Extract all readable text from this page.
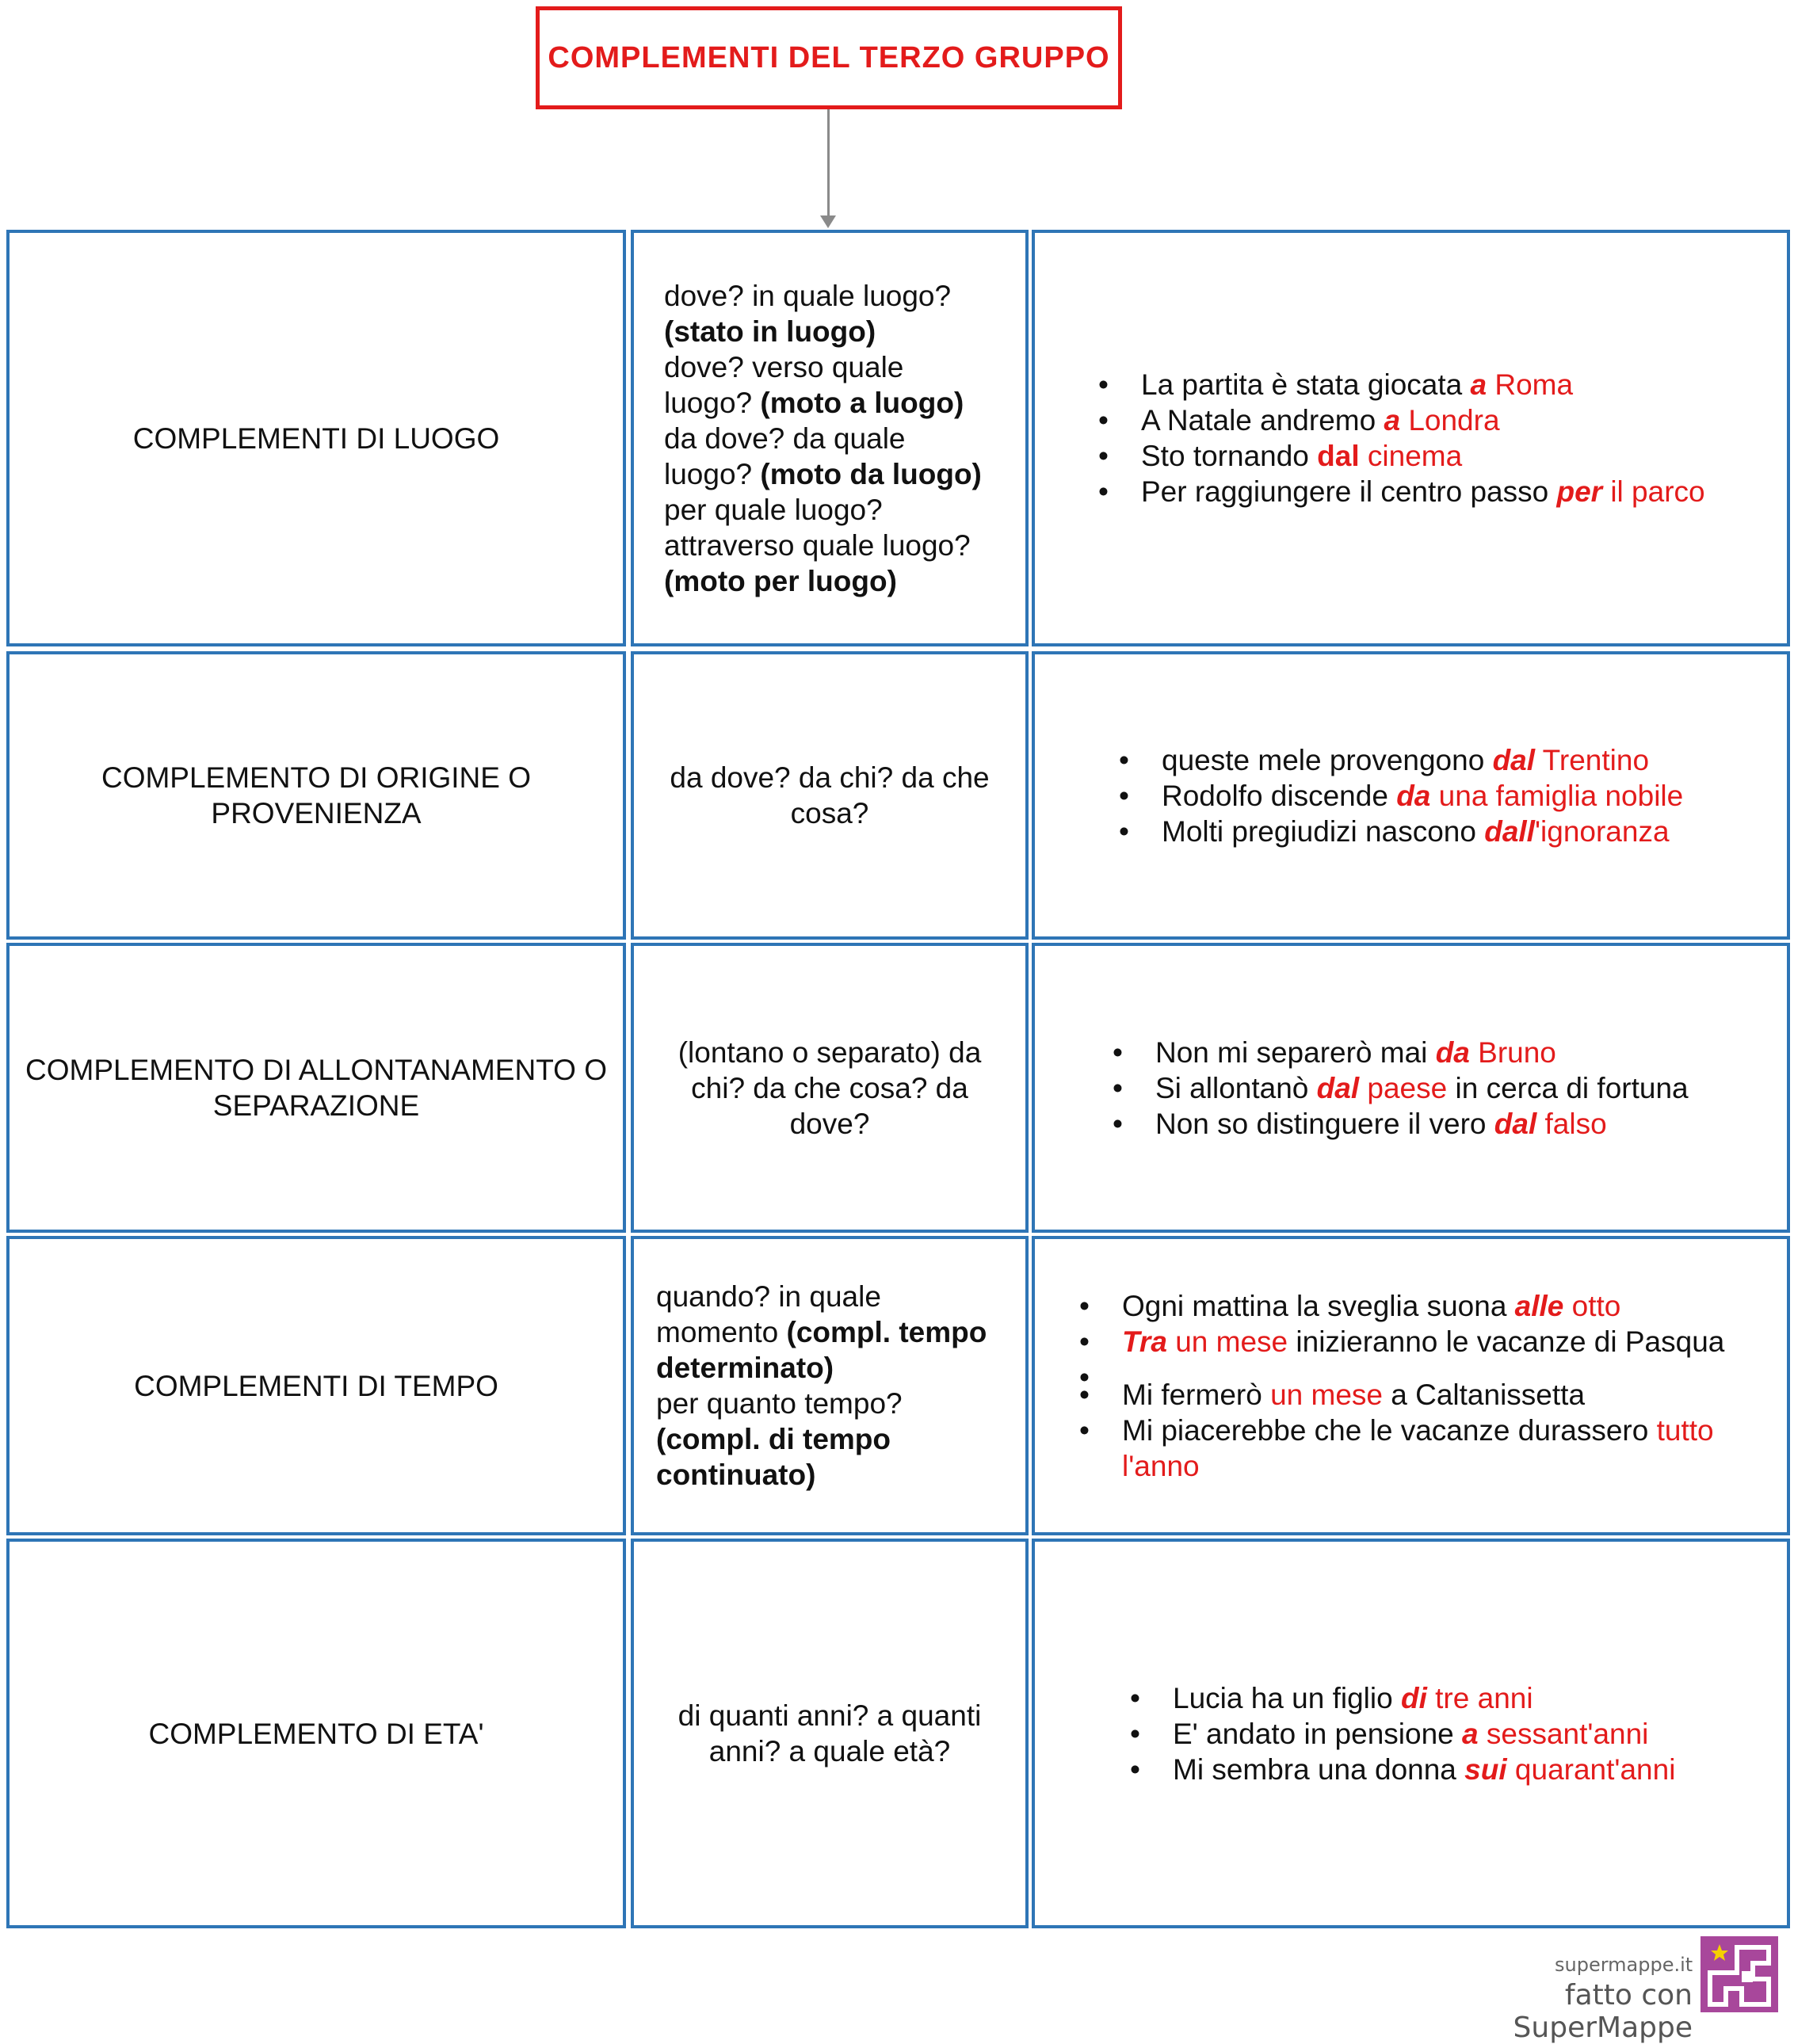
COMPLEMENTI DEL TERZO GRUPPO
COMPLEMENTI DI LUOGO
dove? in quale luogo?
(stato in luogo)
dove? verso quale
luogo? (moto a luogo)
da dove? da quale
luogo? (moto da luogo)
per quale luogo?
attraverso quale luogo?
(moto per luogo)
• La partita è stata giocata a Roma
• A Natale andremo a Londra
• Sto tornando dal cinema
• Per raggiungere il centro passo per il parco
COMPLEMENTO DI ORIGINE O PROVENIENZA
da dove? da chi? da che cosa?
• queste mele provengono dal Trentino
• Rodolfo discende da una famiglia nobile
• Molti pregiudizi nascono dall'ignoranza
COMPLEMENTO DI ALLONTANAMENTO O SEPARAZIONE
(lontano o separato) da chi? da che cosa? da dove?
• Non mi separerò mai da Bruno
• Si allontanò dal paese in cerca di fortuna
• Non so distinguere il vero dal falso
COMPLEMENTI DI TEMPO
quando? in quale
momento (compl. tempo
determinato)
per quanto tempo?
(compl. di tempo
continuato)
• Ogni mattina la sveglia suona alle otto
• Tra un mese inizieranno le vacanze di Pasqua
•
• Mi fermerò un mese a Caltanissetta
• Mi piacerebbe che le vacanze durassero tutto l'anno
COMPLEMENTO DI ETA'
di quanti anni? a quanti anni? a quale età?
• Lucia ha un figlio di tre anni
• E' andato in pensione a sessant'anni
• Mi sembra una donna sui quarant'anni
supermappe.it
fatto con SuperMappe
